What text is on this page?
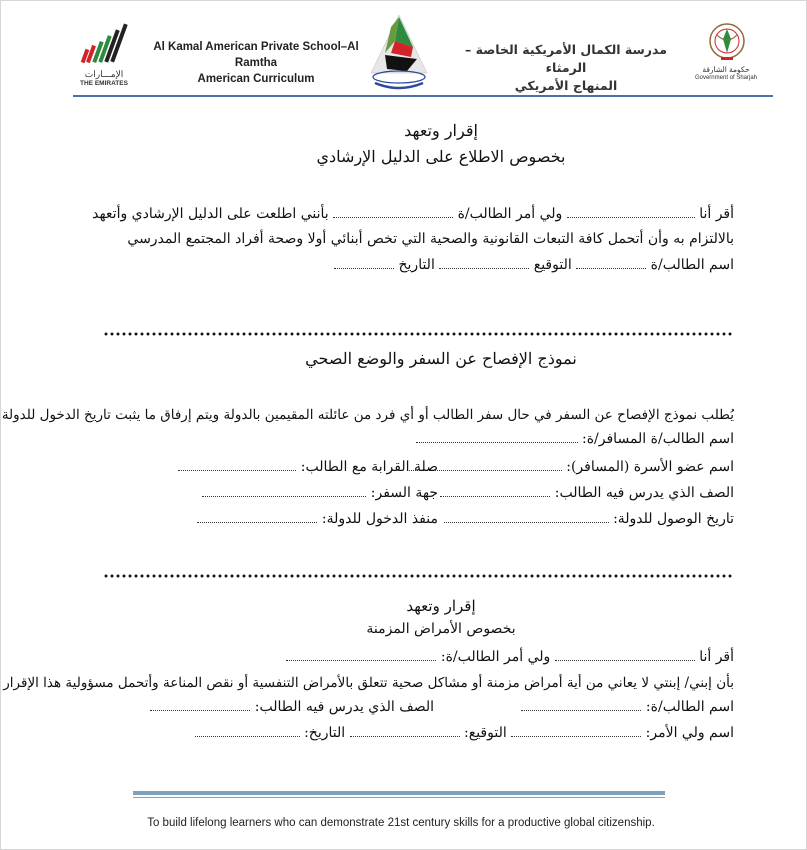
الإمـــارات
THE EMIRATES
Al Kamal American Private School–Al Ramtha
American Curriculum
مدرسة الكمال الأمريكية الخاصة – الرمثاء
المنهاج الأمريكي
حكومة الشارقة
Government of Sharjah
إقرار وتعهد
بخصوص الاطلاع على الدليل الإرشادي
أقر أنا  ولي أمر الطالب/ة  بأنني اطلعت على الدليل الإرشادي وأتعهد
بالالتزام به وأن أتحمل كافة التبعات القانونية والصحية التي تخص أبنائي أولا وصحة أفراد المجتمع المدرسي
اسم الطالب/ة  التوقيع  التاريخ
نموذج الإفصاح عن السفر والوضع الصحي
يُطلب نموذج الإفصاح عن السفر في حال سفر الطالب أو أي فرد من عائلته المقيمين بالدولة ويتم إرفاق ما يثبت تاريخ الدخول للدولة
اسم الطالب/ة المسافر/ة:
اسم عضو الأسرة (المسافر):
صلة القرابة مع الطالب:
الصف الذي يدرس فيه الطالب:
جهة السفر:
تاريخ الوصول للدولة:
منفذ الدخول للدولة:
إقرار وتعهد
بخصوص الأمراض المزمنة
أقر أنا  ولي أمر الطالب/ة:
بأن إبني/ إبنتي لا يعاني من أية أمراض مزمنة أو مشاكل صحية تتعلق بالأمراض التنفسية أو نقص المناعة وأتحمل مسؤولية هذا الإقرار
اسم الطالب/ة:
الصف الذي يدرس فيه الطالب:
اسم ولي الأمر:  التوقيع:  التاريخ:
To build lifelong learners who can demonstrate 21st century skills for a productive global citizenship.
